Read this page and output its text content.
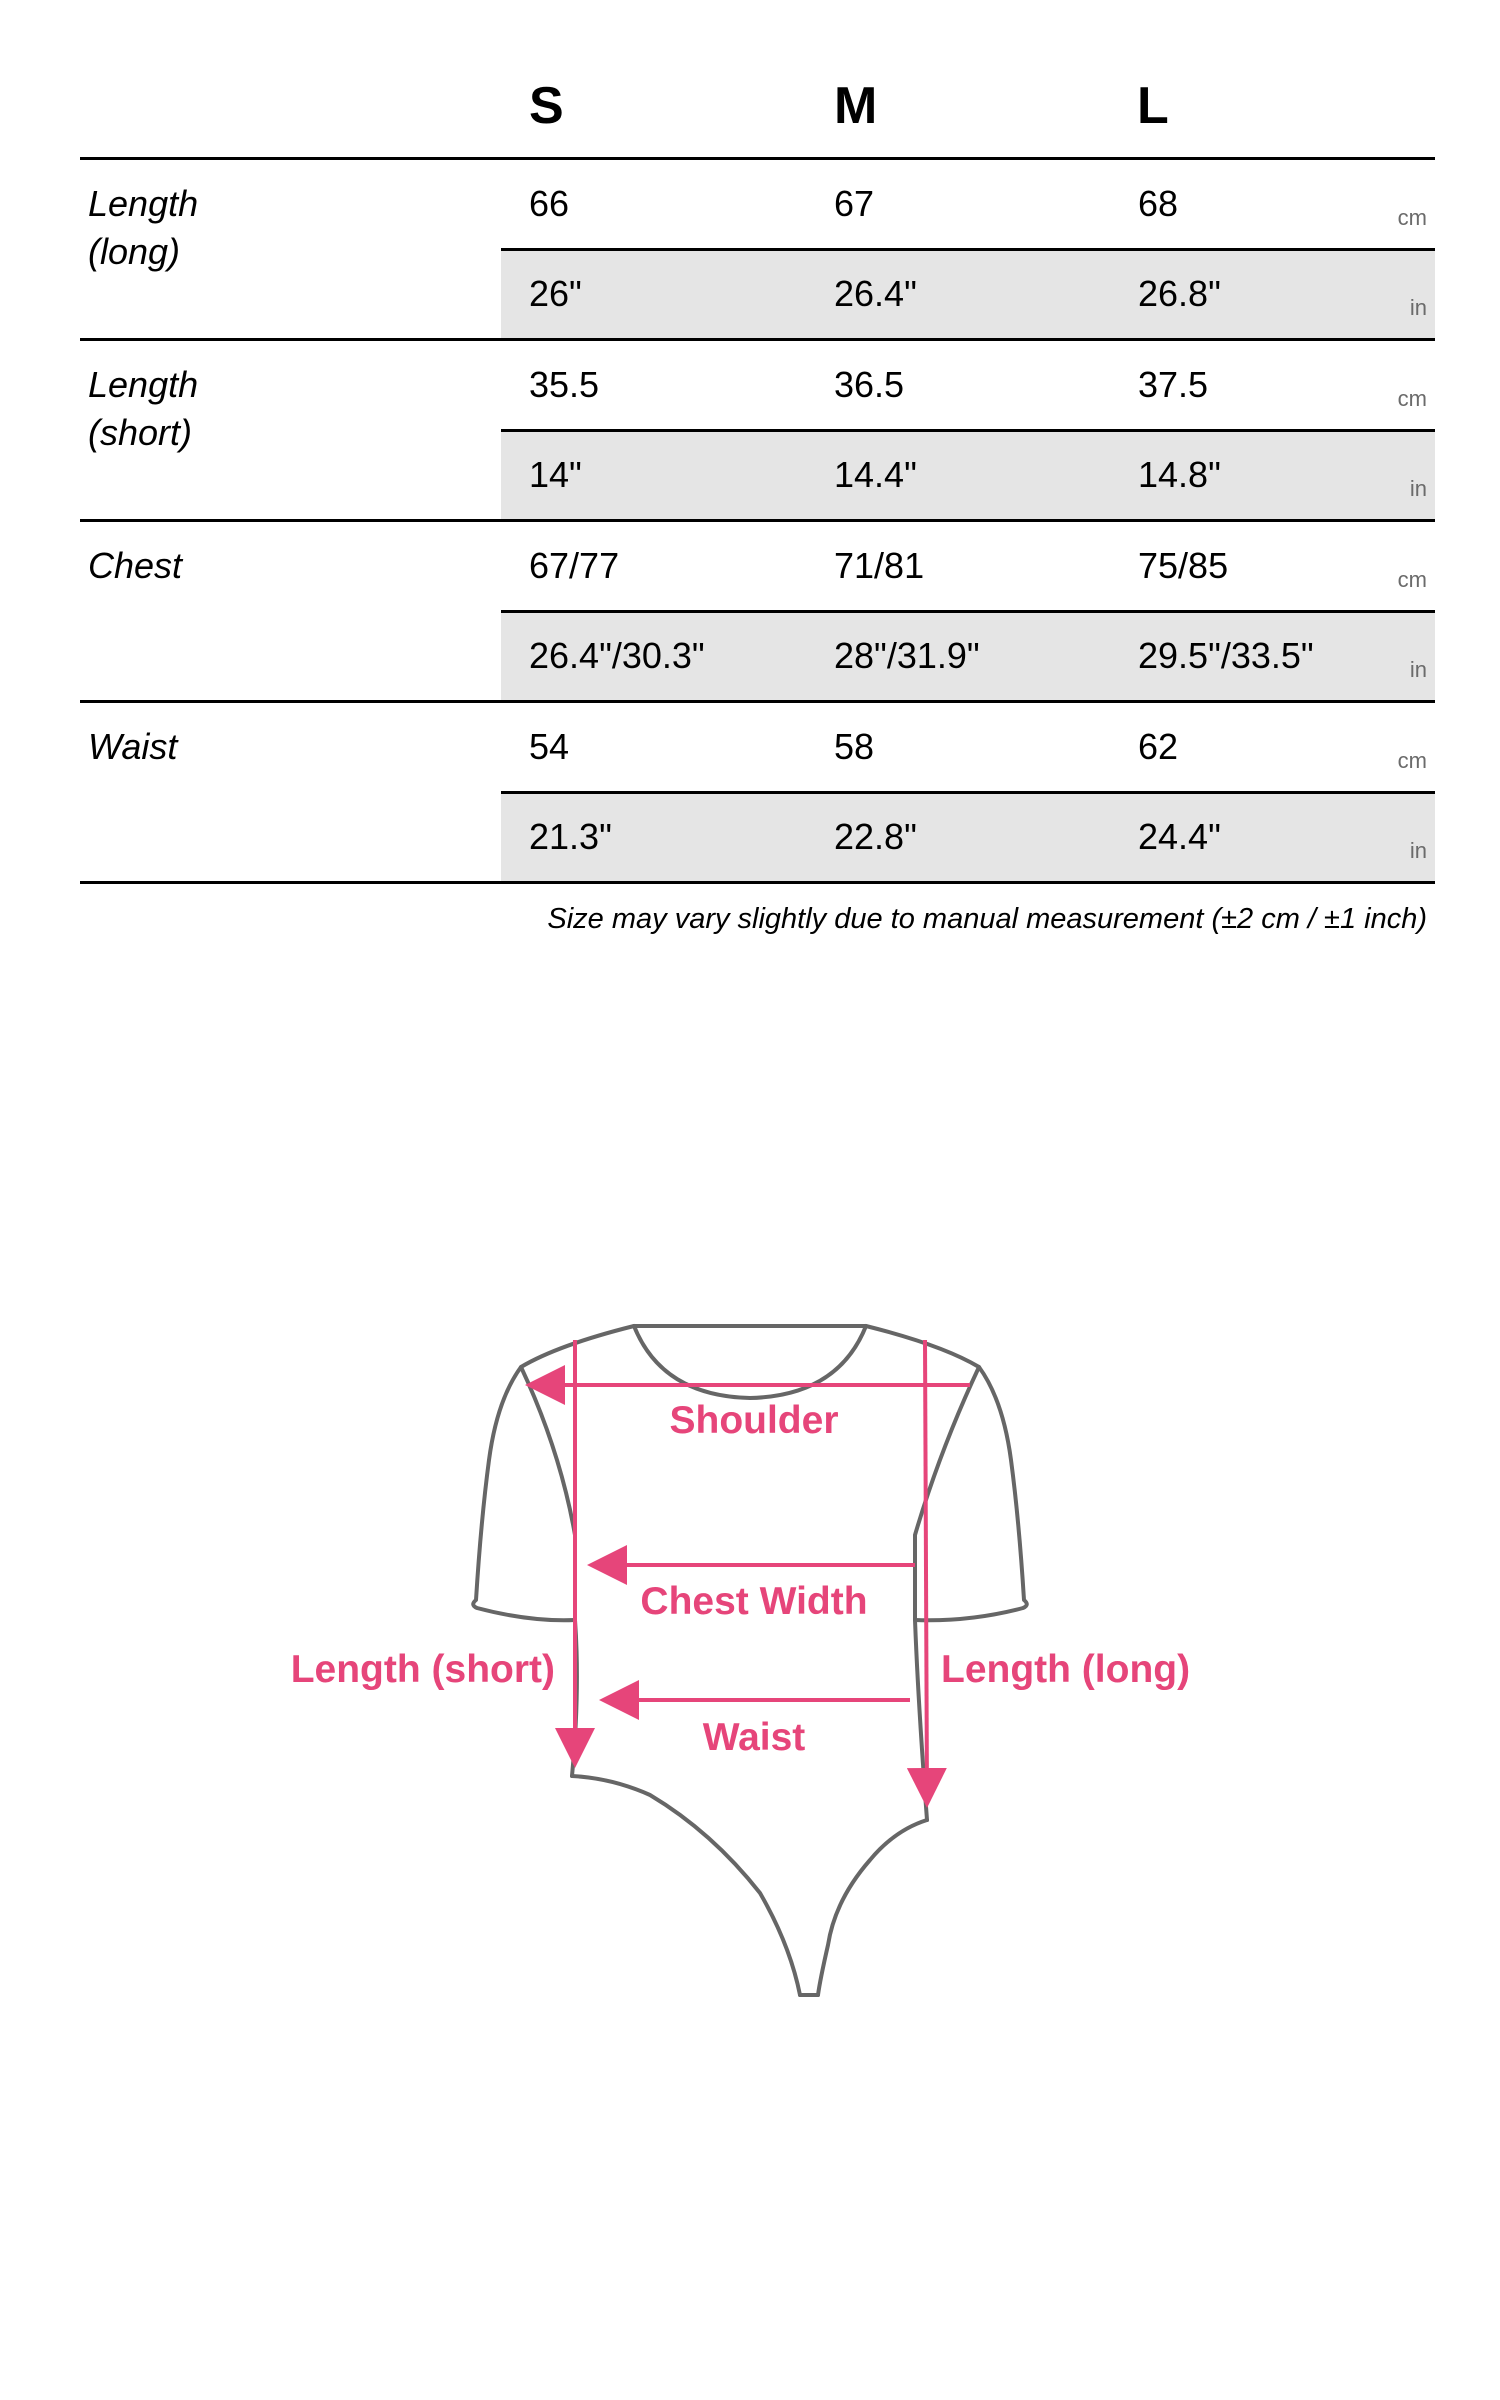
S	M	L
Length
(long)
66	67	68	cm
26"	26.4"	26.8"	in
Length
(short)
35.5	36.5	37.5	cm
14"	14.4"	14.8"	in
Chest	67/77	71/81	75/85	cm
26.4"/30.3"	28"/31.9"	29.5"/33.5"	in
Waist	54	58	62	cm
21.3"	22.8"	24.4"	in
Size may vary slightly due to manual measurement (±2 cm / ±1 inch)
Shoulder
Chest Width
Waist
Length (short)	Length (long)
